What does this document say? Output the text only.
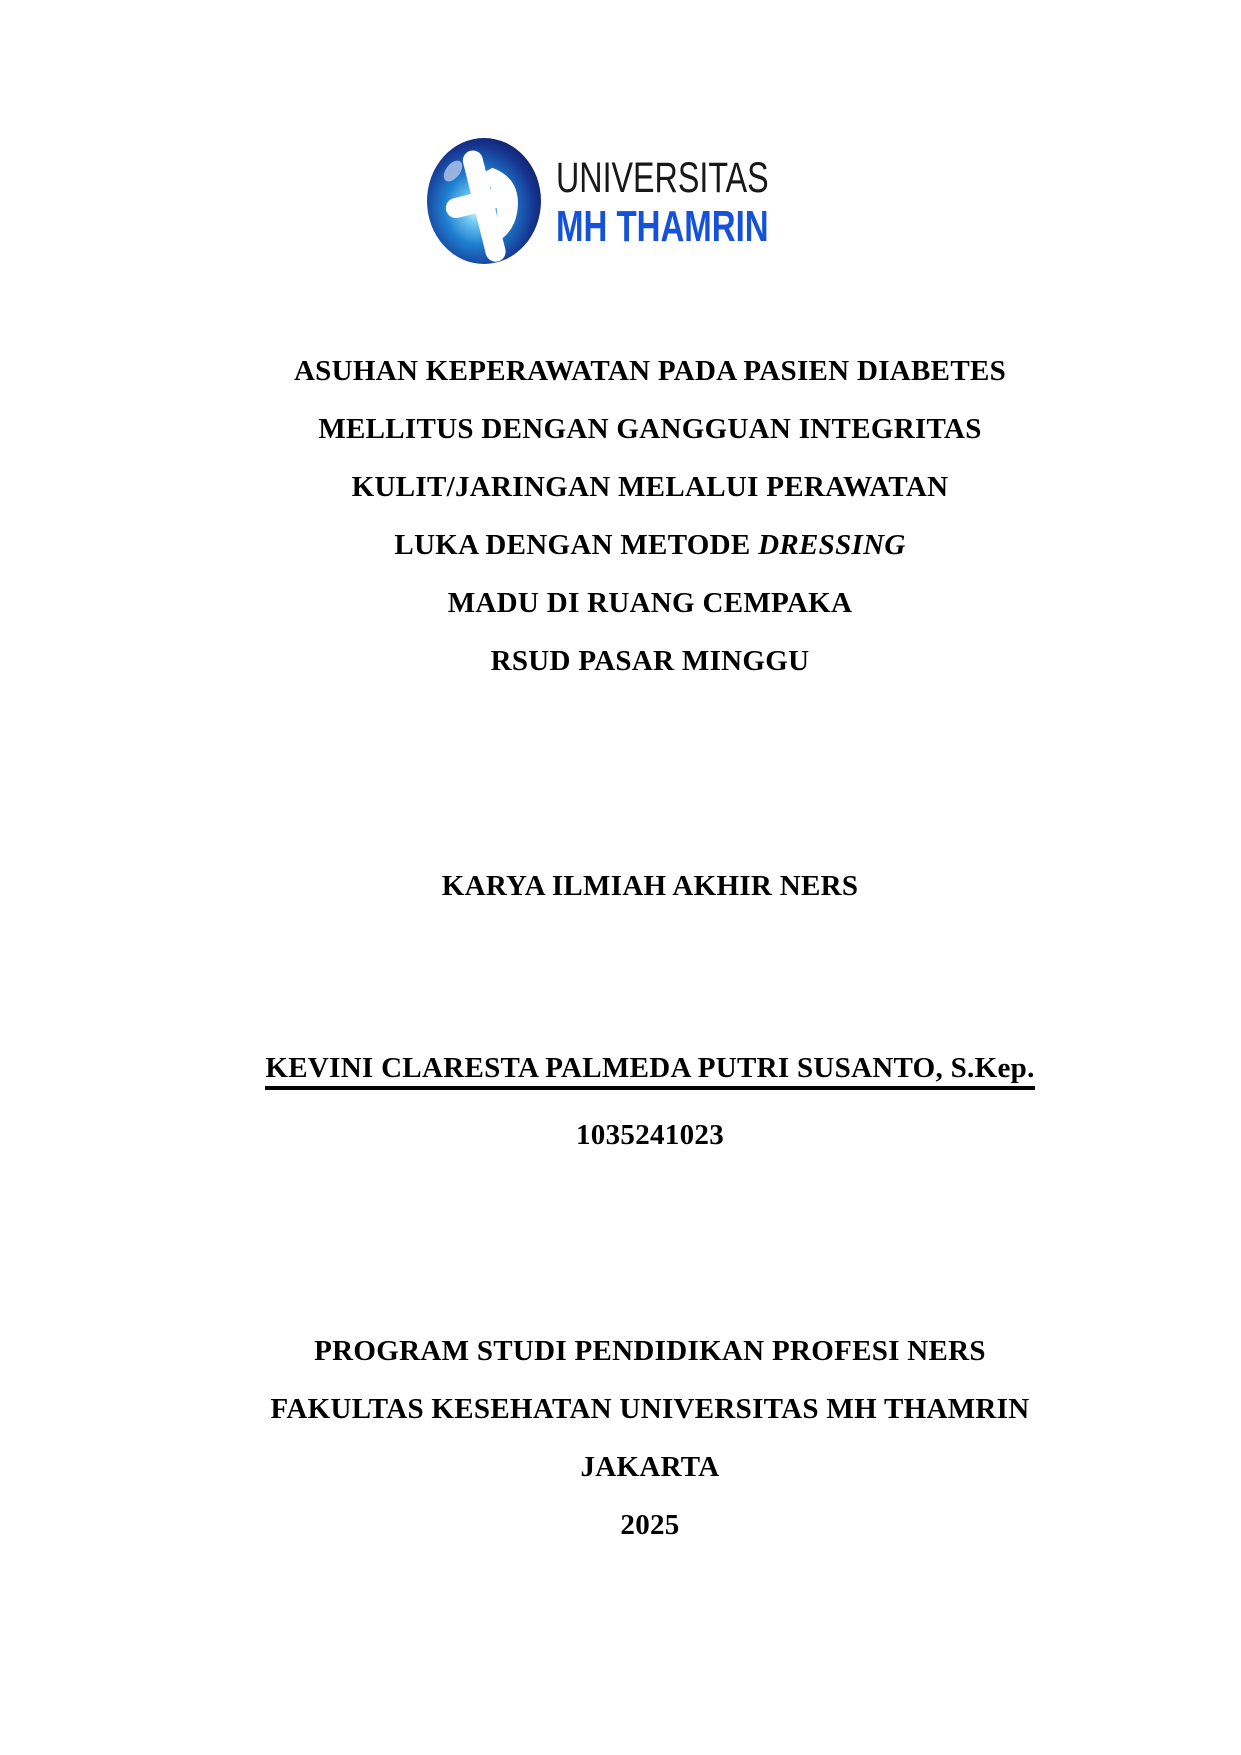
UNIVERSITAS
MH THAMRIN
ASUHAN KEPERAWATAN PADA PASIEN DIABETES
MELLITUS DENGAN GANGGUAN INTEGRITAS
KULIT/JARINGAN MELALUI PERAWATAN
LUKA DENGAN METODE DRESSING
MADU DI RUANG CEMPAKA
RSUD PASAR MINGGU
KARYA ILMIAH AKHIR NERS
KEVINI CLARESTA PALMEDA PUTRI SUSANTO, S.Kep.
1035241023
PROGRAM STUDI PENDIDIKAN PROFESI NERS
FAKULTAS KESEHATAN UNIVERSITAS MH THAMRIN
JAKARTA
2025
